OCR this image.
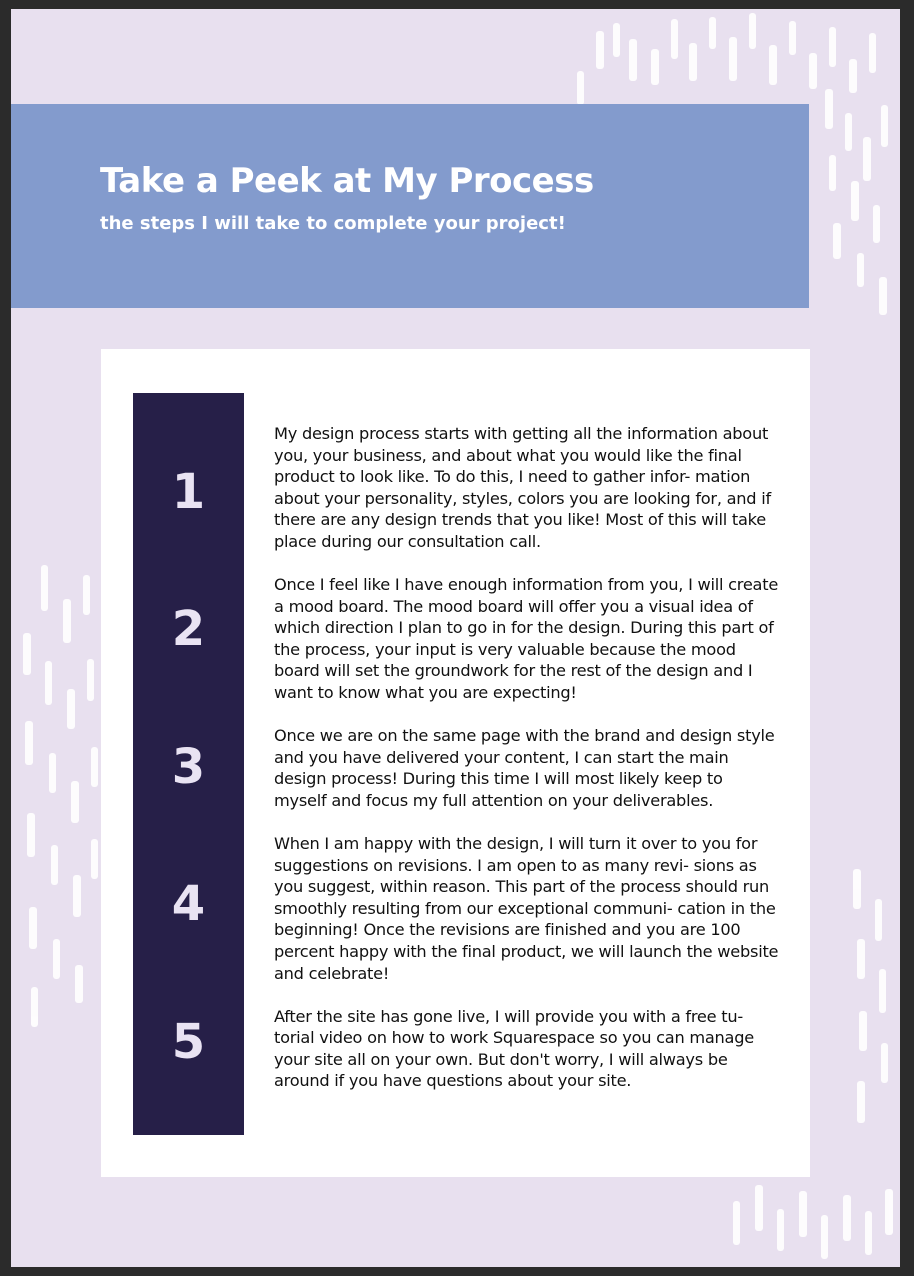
Take a Peek at My Process
the steps I will take to complete your project!
1
2
3
4
5

My design process starts with getting all the information about you, your business, and about what you would like the final product to look like. To do this, I need to gather infor- mation about your personality, styles, colors you are looking for, and if there are any design trends that you like! Most of this will take place during our consultation call.

Once I feel like I have enough information from you, I will create a mood board. The mood board will offer you a visual idea of which direction I plan to go in for the design. During this part of the process, your input is very valuable because the mood board will set the groundwork for the rest of the design and I want to know what you are expecting!

Once we are on the same page with the brand and design style and you have delivered your content, I can start the main design process! During this time I will most likely keep to myself and focus my full attention on your deliverables.

When I am happy with the design, I will turn it over to you for suggestions on revisions. I am open to as many revi- sions as you suggest, within reason. This part of the process should run smoothly resulting from our exceptional communi- cation in the beginning! Once the revisions are finished and you are 100 percent happy with the final product, we will launch the website and celebrate!

After the site has gone live, I will provide you with a free tu- torial video on how to work Squarespace so you can manage your site all on your own. But don't worry, I will always be around if you have questions about your site.
